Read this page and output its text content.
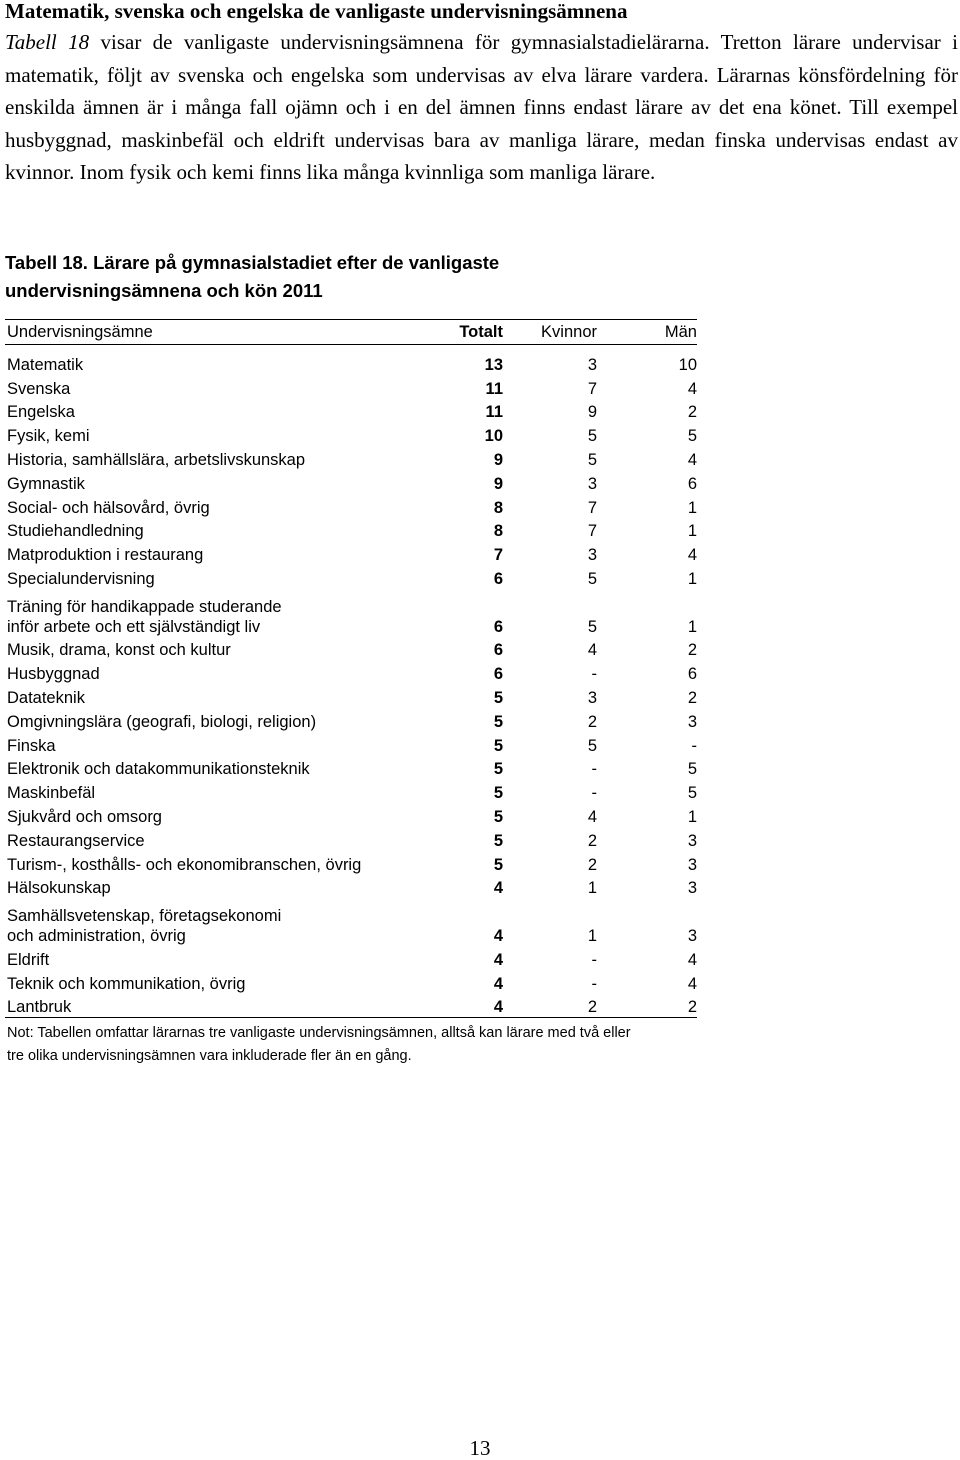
Matematik, svenska och engelska de vanligaste undervisningsämnena
Tabell 18 visar de vanligaste undervisningsämnena för gymnasialstadielärarna. Tretton lärare undervisar i matematik, följt av svenska och engelska som undervisas av elva lärare vardera. Lärarnas könsfördelning för enskilda ämnen är i många fall ojämn och i en del ämnen finns endast lärare av det ena könet. Till exempel husbyggnad, maskinbefäl och eldrift undervisas bara av manliga lärare, medan finska undervisas endast av kvinnor. Inom fysik och kemi finns lika många kvinnliga som manliga lärare.
Tabell 18. Lärare på gymnasialstadiet efter de vanligaste undervisningsämnena och kön 2011
Undervisningsämne	Totalt	Kvinnor	Män

Matematik	13	3	10
Svenska	11	7	4
Engelska	11	9	2
Fysik, kemi	10	5	5
Historia, samhällslära, arbetslivskunskap	9	5	4
Gymnastik	9	3	6
Social- och hälsovård, övrig	8	7	1
Studiehandledning	8	7	1
Matproduktion i restaurang	7	3	4
Specialundervisning	6	5	1
Träning för handikappade studerande
inför arbete och ett självständigt liv	6	5	1
Musik, drama, konst och kultur	6	4	2
Husbyggnad	6	-	6
Datateknik	5	3	2
Omgivningslära (geografi, biologi, religion)	5	2	3
Finska	5	5	-
Elektronik och datakommunikationsteknik	5	-	5
Maskinbefäl	5	-	5
Sjukvård och omsorg	5	4	1
Restaurangservice	5	2	3
Turism-, kosthålls- och ekonomibranschen, övrig	5	2	3
Hälsokunskap	4	1	3
Samhällsvetenskap, företagsekonomi
och administration, övrig	4	1	3
Eldrift	4	-	4
Teknik och kommunikation, övrig	4	-	4
Lantbruk	4	2	2
Not: Tabellen omfattar lärarnas tre vanligaste undervisningsämnen, alltså kan lärare med två eller tre olika undervisningsämnen vara inkluderade fler än en gång.
13
